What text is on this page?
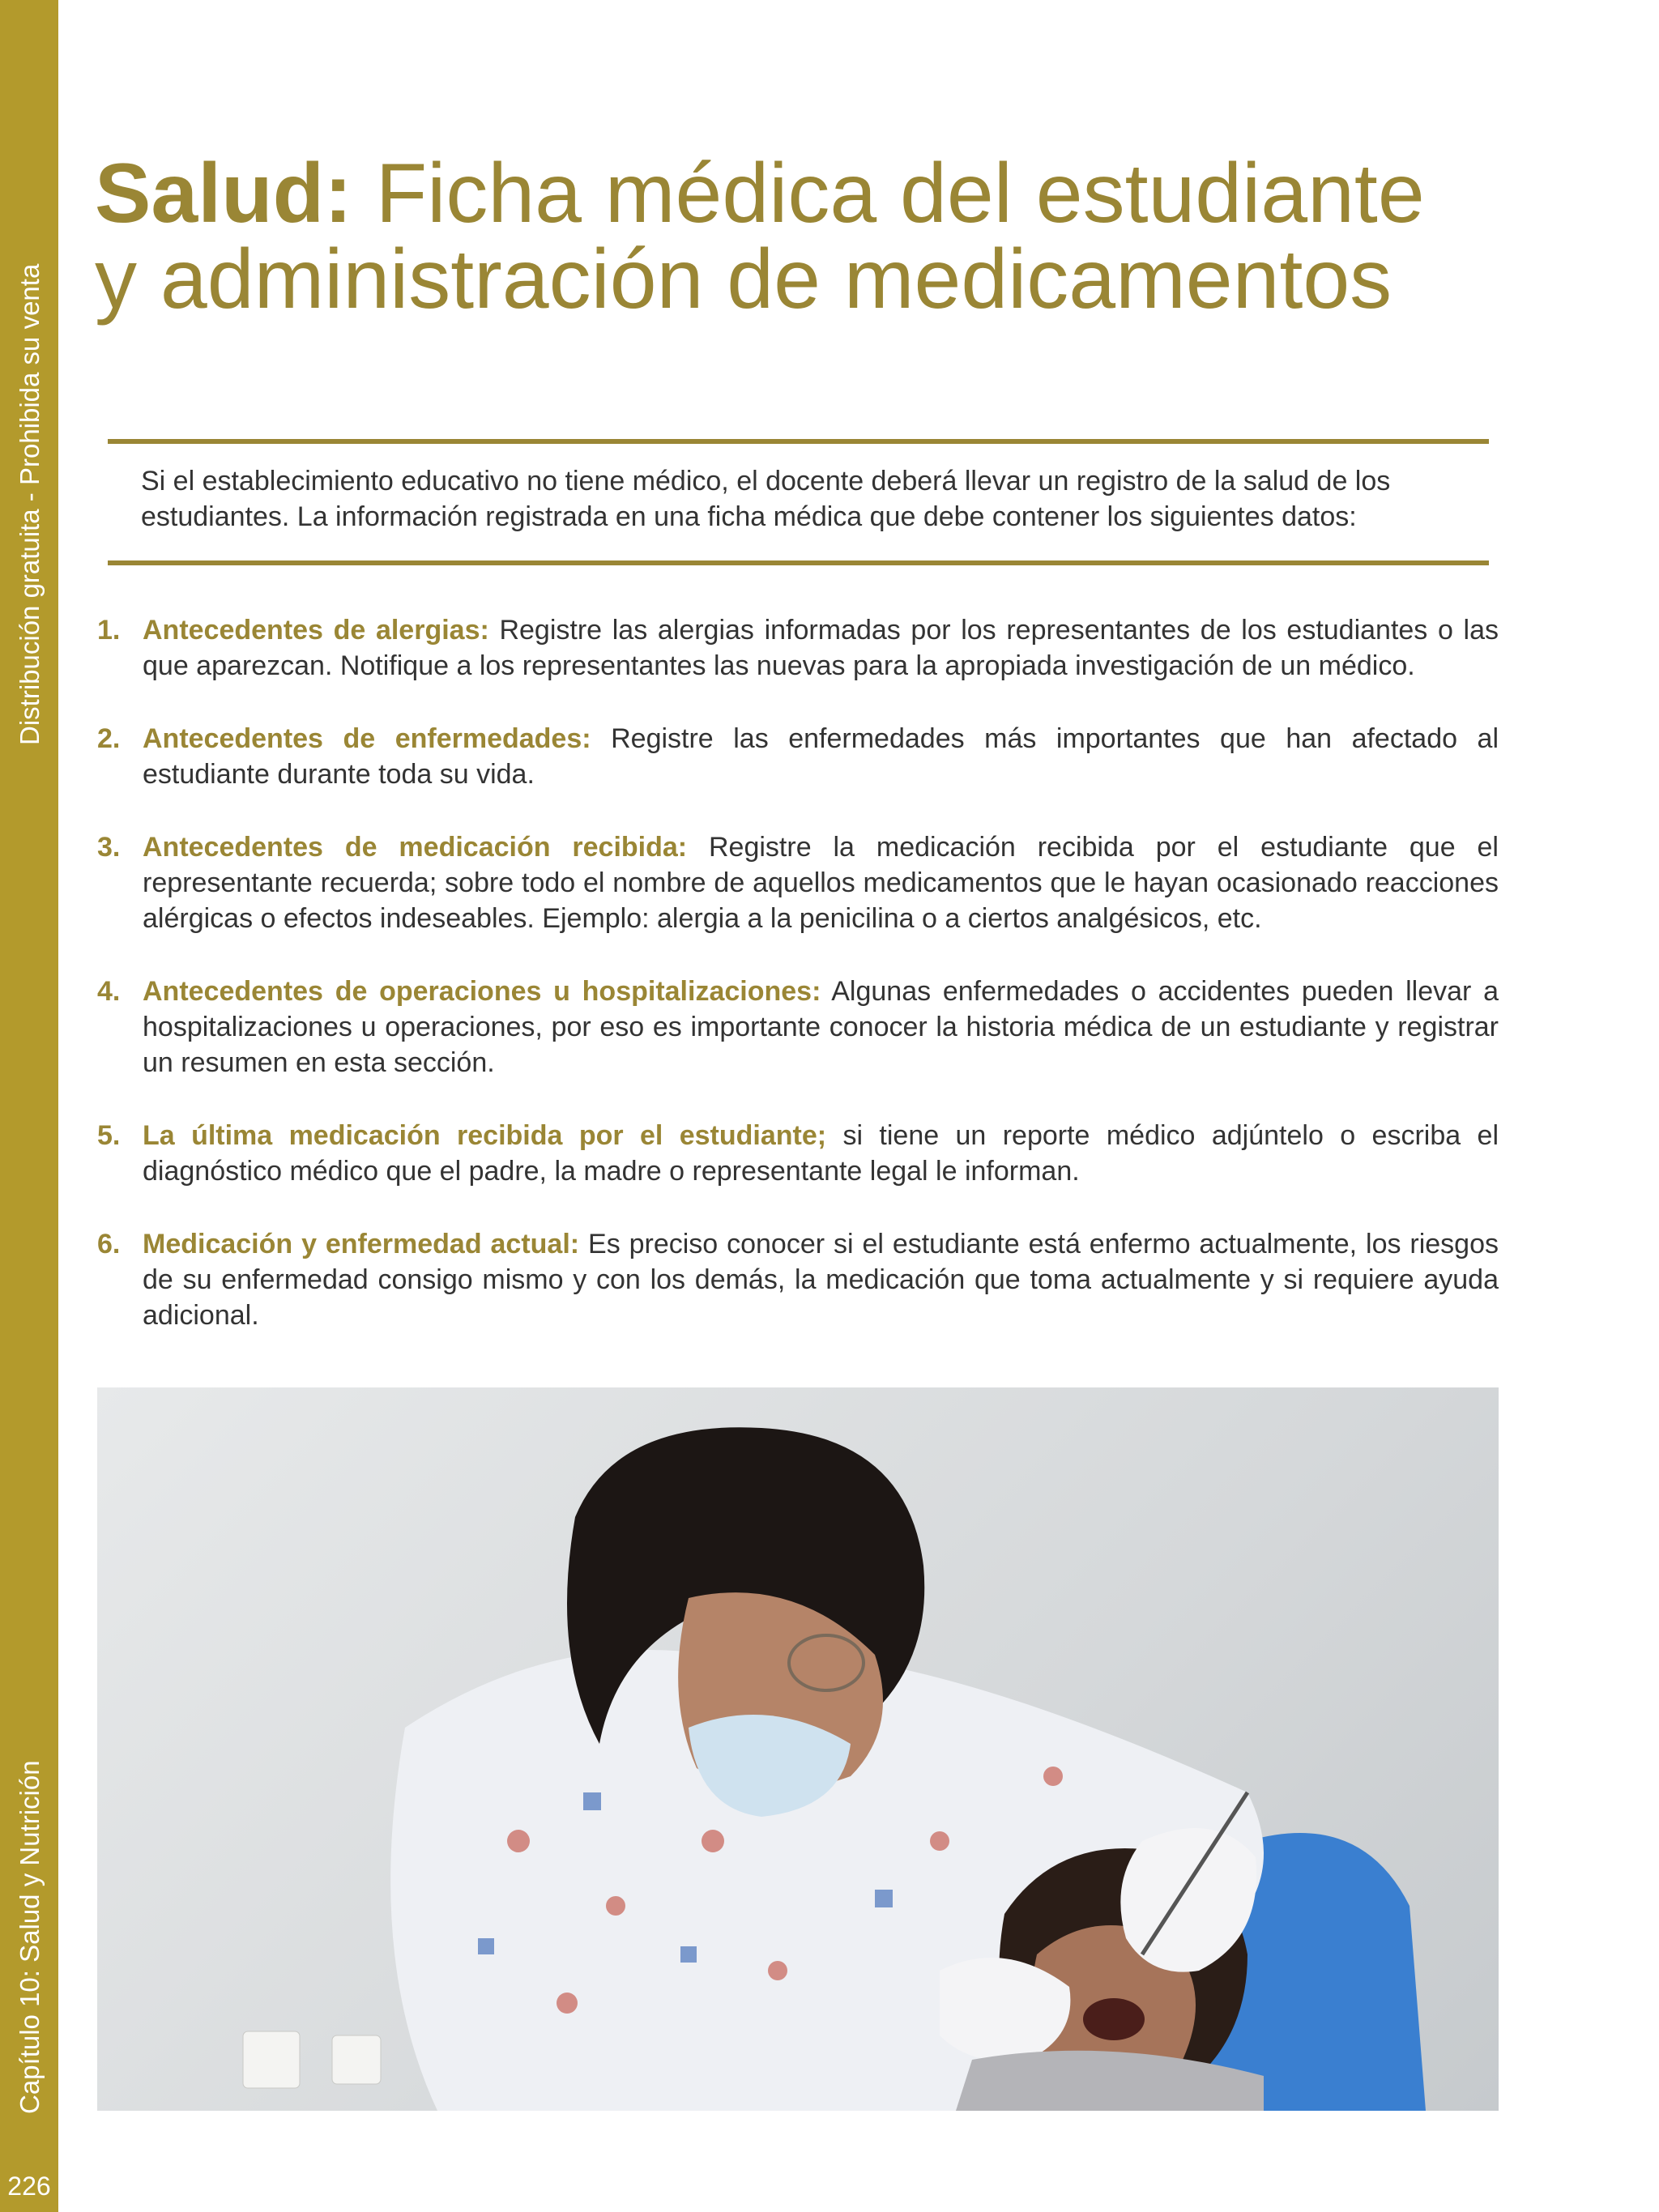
Distribución gratuita - Prohibida su venta
Capítulo 10: Salud y Nutrición
226
Salud: Ficha médica del estudiante y administración de medicamentos
Si el establecimiento educativo no tiene médico, el docente deberá llevar un registro de la salud de los estudiantes. La información registrada en una ficha médica que debe contener los siguientes datos:
1. Antecedentes de alergias: Registre las alergias informadas por los representantes de los estudiantes o las que aparezcan. Notifique a los representantes las nuevas para la apropiada investigación de un médico.
2. Antecedentes de enfermedades: Registre las enfermedades más importantes que han afectado al estudiante durante toda su vida.
3. Antecedentes de medicación recibida: Registre la medicación recibida por el estudiante que el representante recuerda; sobre todo el nombre de aquellos medicamentos que le hayan ocasionado reacciones alérgicas o efectos indeseables. Ejemplo: alergia a la penicilina o a ciertos analgésicos, etc.
4. Antecedentes de operaciones u hospitalizaciones: Algunas enfermedades o accidentes pueden llevar a hospitalizaciones u operaciones, por eso es importante conocer la historia médica de un estudiante y registrar un resumen en esta sección.
5. La última medicación recibida por el estudiante; si tiene un reporte médico adjúntelo o escriba el diagnóstico médico que el padre, la madre o representante legal le informan.
6. Medicación y enfermedad actual: Es preciso conocer si el estudiante está enfermo actualmente, los riesgos de su enfermedad consigo mismo y con los demás, la medicación que toma actualmente y si requiere ayuda adicional.
